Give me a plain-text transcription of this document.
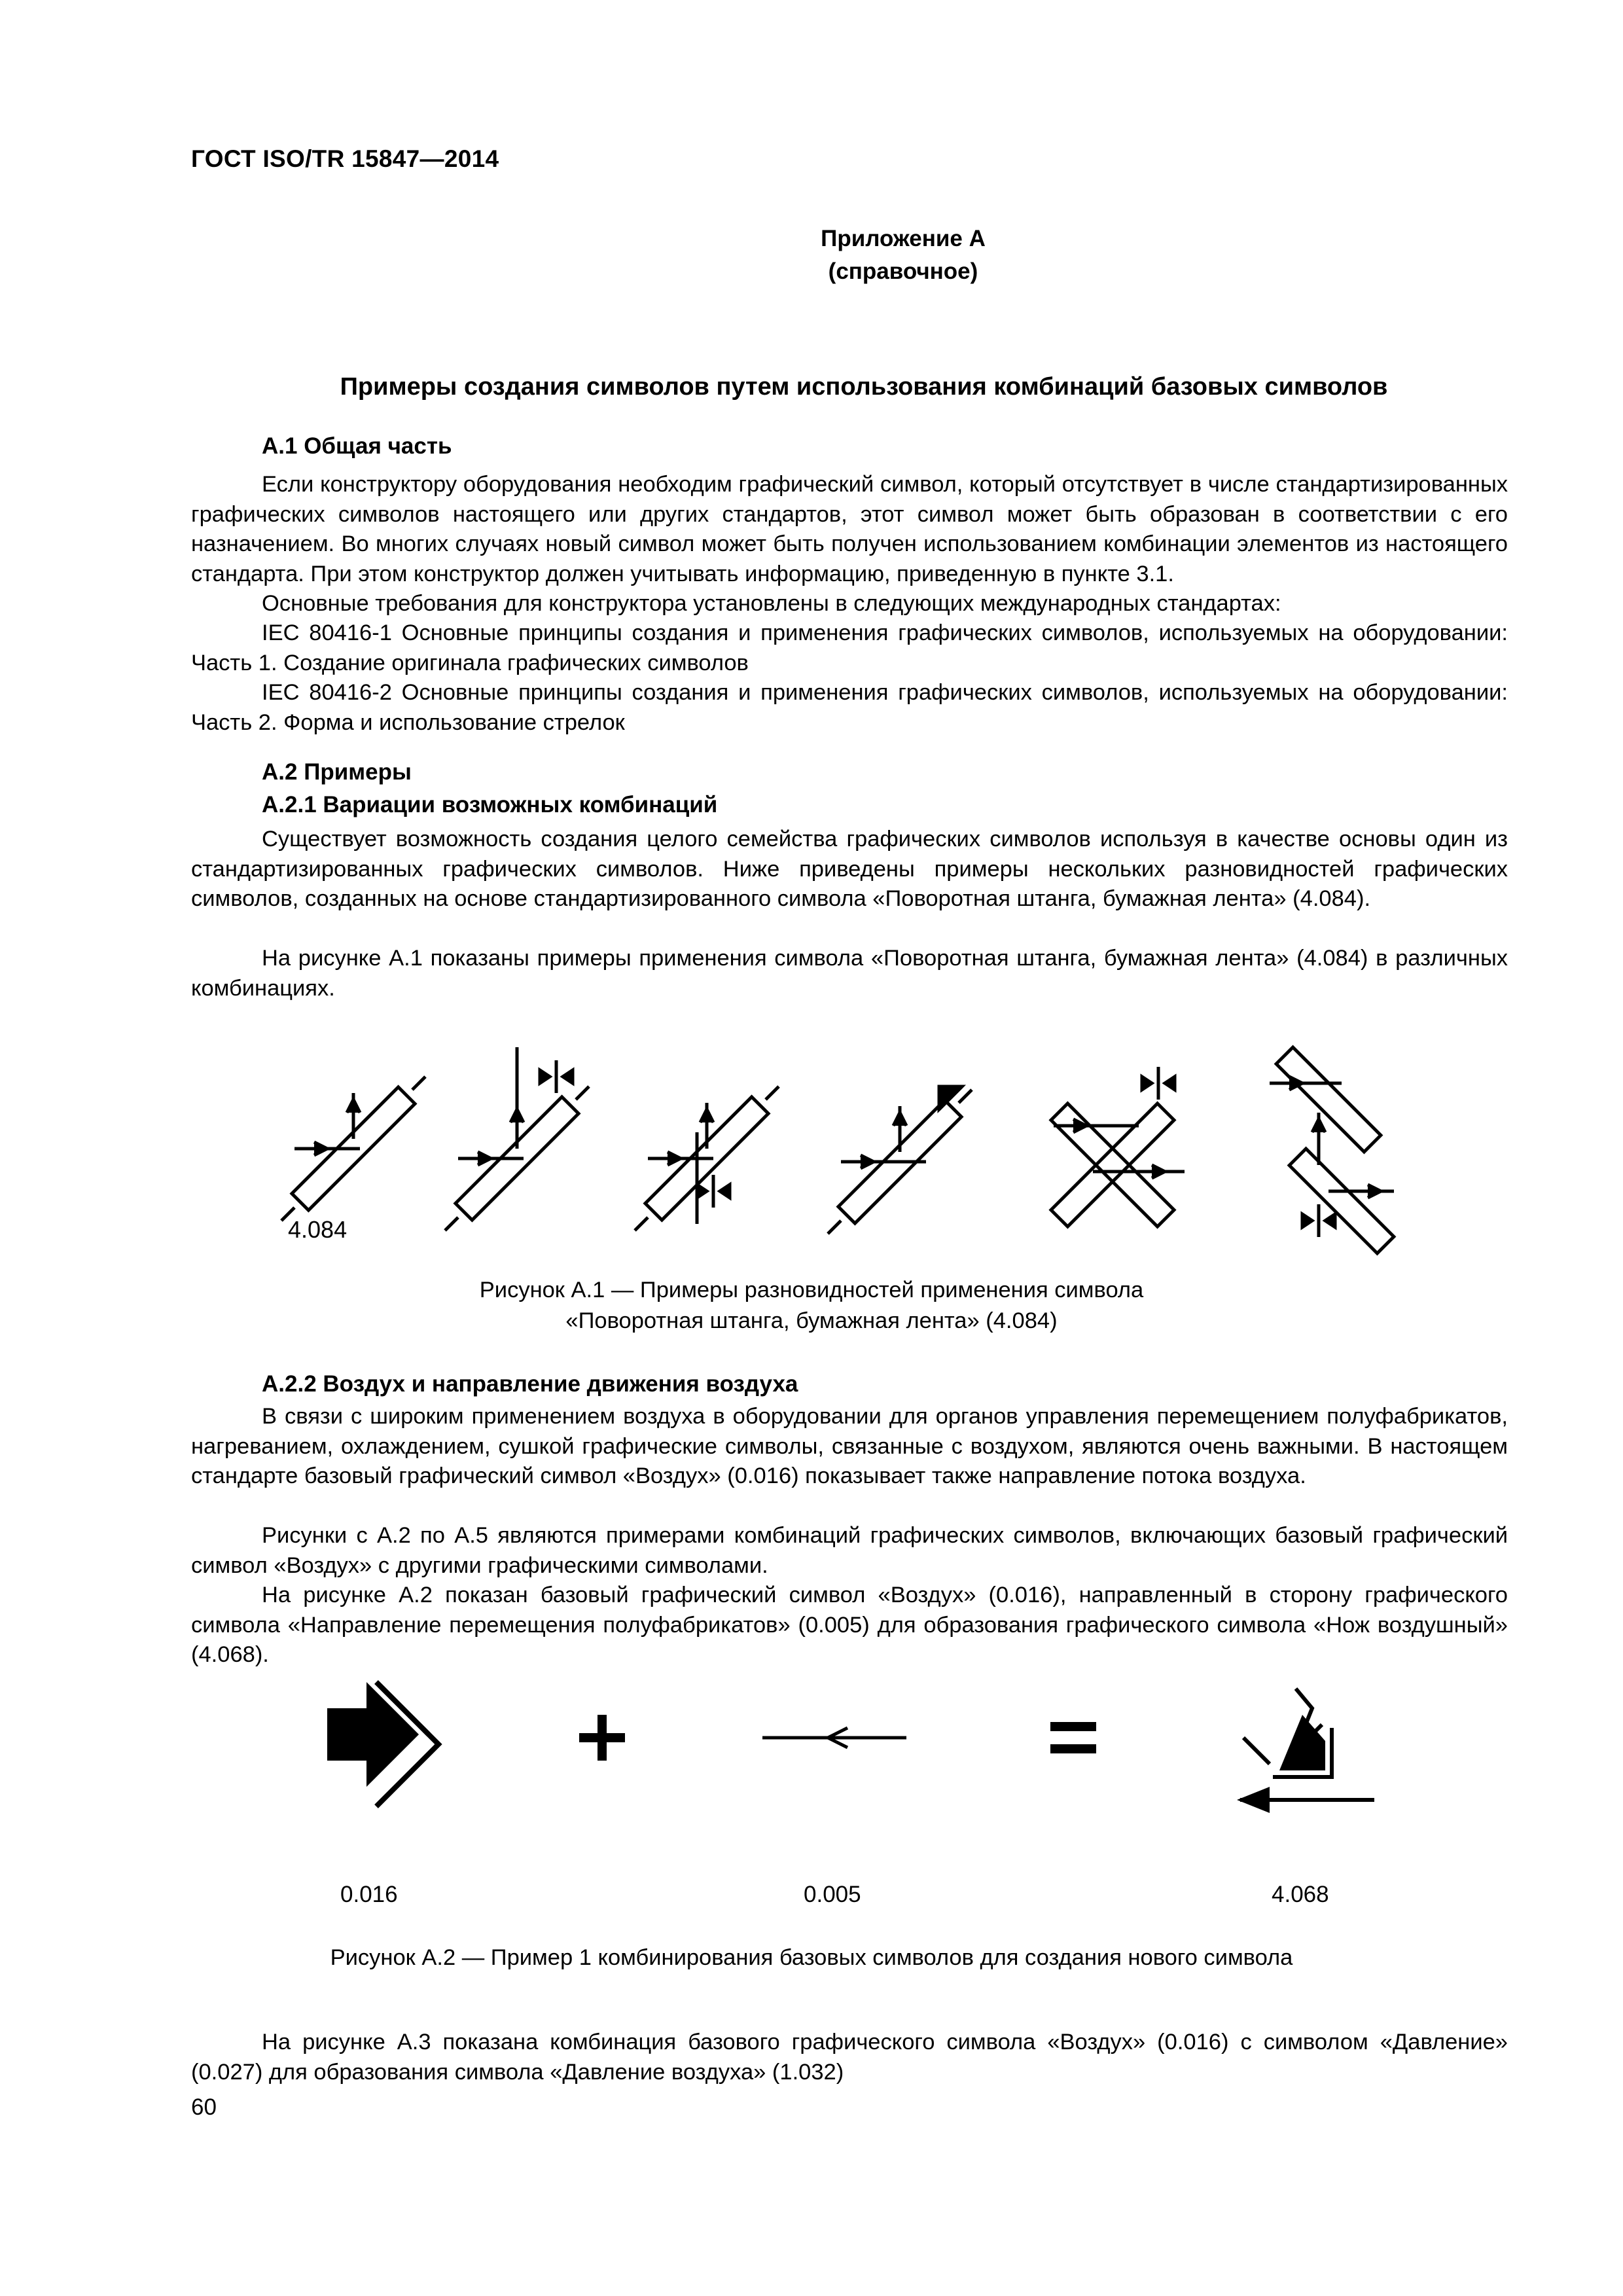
ГОСТ ISO/TR 15847—2014
Приложение А
(справочное)
Примеры создания символов путем использования комбинаций базовых символов
А.1 Общая часть
Если конструктору оборудования необходим графический символ, который отсутствует в числе стандартизированных графических символов настоящего или других стандартов, этот символ может быть образован в соответствии с его назначением. Во многих случаях новый символ может быть получен использованием комбинации элементов из настоящего стандарта. При этом конструктор должен учитывать информацию, приведенную в пункте 3.1.
Основные требования для конструктора установлены в следующих международных стандартах:
IEC 80416-1 Основные принципы создания и применения графических символов, используемых на оборудовании: Часть 1. Создание оригинала графических символов
IEC 80416-2 Основные принципы создания и применения графических символов, используемых на оборудовании: Часть 2. Форма и использование стрелок
А.2 Примеры
А.2.1 Вариации возможных комбинаций
Существует возможность создания целого семейства графических символов используя в качестве основы один из стандартизированных графических символов. Ниже приведены примеры нескольких разновидностей графических символов, созданных на основе стандартизированного символа «Поворотная штанга, бумажная лента» (4.084).
На рисунке А.1 показаны примеры применения символа «Поворотная штанга, бумажная лента» (4.084) в различных комбинациях.
4.084
Рисунок А.1 — Примеры разновидностей применения символа
«Поворотная штанга, бумажная лента» (4.084)
А.2.2 Воздух и направление движения воздуха
В связи с широким применением воздуха в оборудовании для органов управления перемещением полуфабрикатов, нагреванием, охлаждением, сушкой графические символы, связанные с воздухом, являются очень важными. В настоящем стандарте базовый графический символ «Воздух» (0.016) показывает также направление потока воздуха.
Рисунки с А.2 по А.5 являются примерами комбинаций графических символов, включающих базовый графический символ «Воздух» с другими графическими символами.
На рисунке А.2 показан базовый графический символ «Воздух» (0.016), направленный в сторону графического символа «Направление перемещения полуфабрикатов» (0.005) для образования графического символа «Нож воздушный» (4.068).
0.016	0.005	4.068
Рисунок А.2 — Пример 1 комбинирования базовых символов для создания нового символа
На рисунке А.3 показана комбинация базового графического символа «Воздух» (0.016) с символом «Давление» (0.027) для образования символа «Давление воздуха» (1.032)
60
